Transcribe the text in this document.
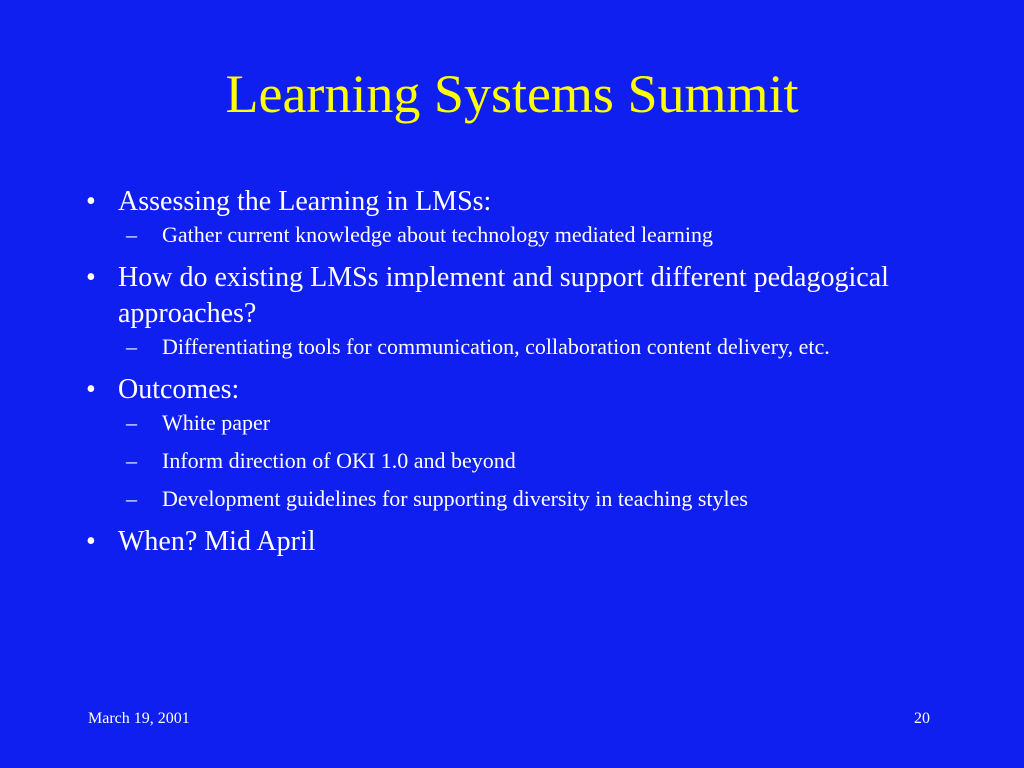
Learning Systems Summit
• Assessing the Learning in LMSs:
–	Gather current knowledge about technology mediated learning
• How do existing LMSs implement and support different pedagogical approaches?
–	Differentiating tools for communication, collaboration content delivery, etc.
• Outcomes:
–	White paper
–	Inform direction of OKI 1.0 and beyond
–	Development guidelines for supporting diversity in teaching styles
• When? Mid April
March 19, 2001	20
